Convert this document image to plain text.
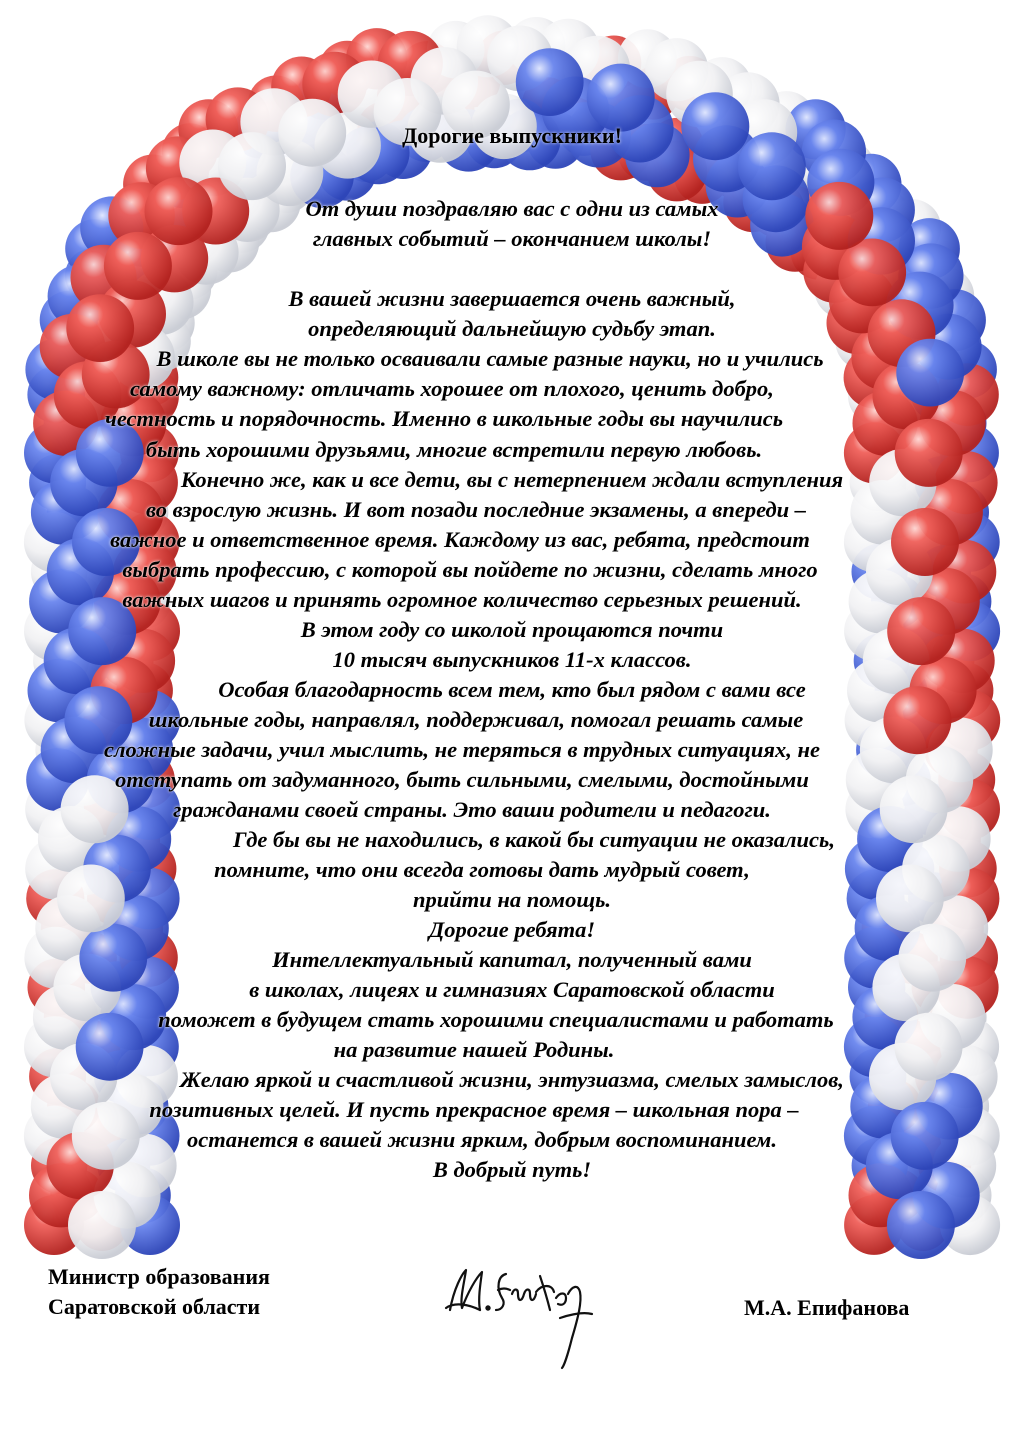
Дорогие выпускники!
От души поздравляю вас с одни из самых
главных событий – окончанием школы!
В вашей жизни завершается очень важный,
определяющий дальнейшую судьбу этап.
В школе вы не только осваивали самые разные науки, но и учились
самому важному: отличать хорошее от плохого, ценить добро,
честность и порядочность. Именно в школьные годы вы научились
быть хорошими друзьями, многие встретили первую любовь.
Конечно же, как и все дети, вы с нетерпением ждали вступления
во взрослую жизнь. И вот позади последние экзамены, а впереди –
важное и ответственное время. Каждому из вас, ребята, предстоит
выбрать профессию, с которой вы пойдете по жизни, сделать много
важных шагов и принять огромное количество серьезных решений.
В этом году со школой прощаются почти
10 тысяч выпускников 11-х классов.
Особая благодарность всем тем, кто был рядом с вами все
школьные годы, направлял, поддерживал, помогал решать самые
сложные задачи, учил мыслить, не теряться в трудных ситуациях, не
отступать от задуманного, быть сильными, смелыми, достойными
гражданами своей страны. Это ваши родители и педагоги.
Где бы вы не находились, в какой бы ситуации не оказались,
помните, что они всегда готовы дать мудрый совет,
прийти на помощь.
Дорогие ребята!
Интеллектуальный капитал, полученный вами
в школах, лицеях и гимназиях Саратовской области
поможет в будущем стать хорошими специалистами и работать
на развитие нашей Родины.
Желаю яркой и счастливой жизни, энтузиазма, смелых замыслов,
позитивных целей. И пусть прекрасное время – школьная пора –
останется в вашей жизни ярким, добрым воспоминанием.
В добрый путь!
Министр образования
Саратовской области	М.А. Епифанова
